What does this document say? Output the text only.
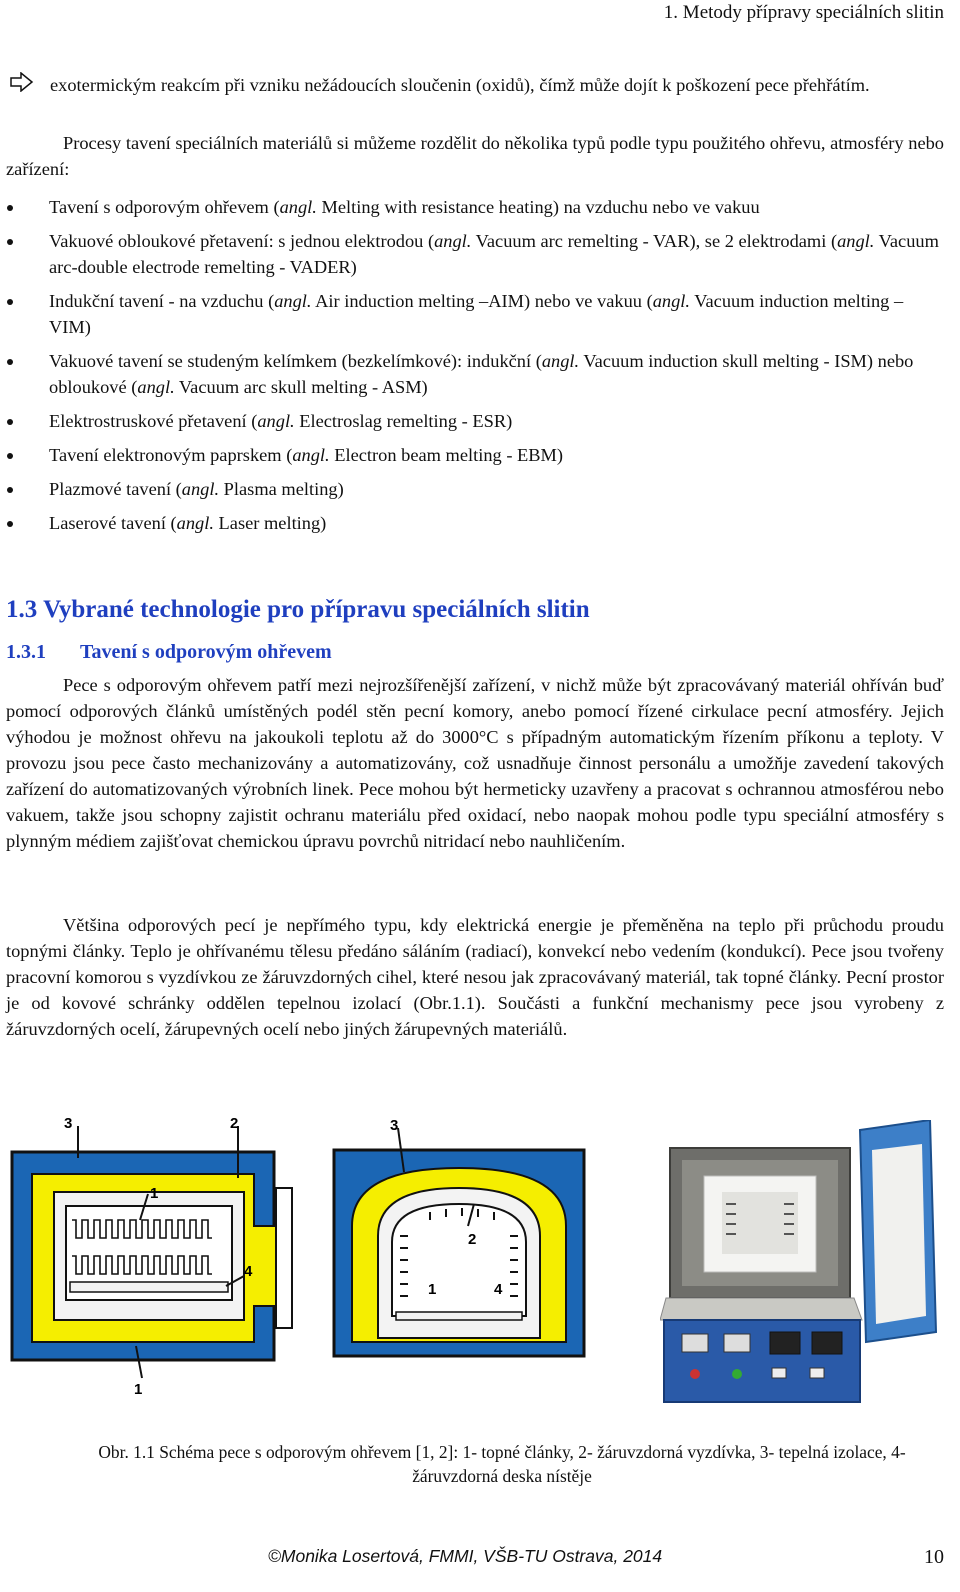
1. Metody přípravy speciálních slitin
exotermickým reakcím při vzniku nežádoucích sloučenin (oxidů), čímž může dojít k poškození pece přehřátím.
Procesy tavení speciálních materiálů si můžeme rozdělit do několika typů podle typu použitého ohřevu, atmosféry nebo zařízení:
Tavení s odporovým ohřevem (angl. Melting with resistance heating) na vzduchu nebo ve vakuu
Vakuové obloukové přetavení: s jednou elektrodou (angl. Vacuum arc remelting - VAR), se 2 elektrodami (angl. Vacuum arc-double electrode remelting - VADER)
Indukční tavení - na vzduchu (angl. Air induction melting –AIM) nebo ve vakuu (angl. Vacuum induction melting –VIM)
Vakuové tavení se studeným kelímkem (bezkelímkové): indukční (angl. Vacuum induction skull melting - ISM) nebo obloukové (angl. Vacuum arc skull melting - ASM)
Elektrostruskové přetavení (angl. Electroslag remelting - ESR)
Tavení elektronovým paprskem (angl. Electron beam melting - EBM)
Plazmové tavení (angl. Plasma melting)
Laserové tavení (angl. Laser melting)
1.3 Vybrané technologie pro přípravu speciálních slitin
1.3.1 Tavení s odporovým ohřevem
Pece s odporovým ohřevem patří mezi nejrozšířenější zařízení, v nichž může být zpracovávaný materiál ohříván buď pomocí odporových článků umístěných podél stěn pecní komory, anebo pomocí řízené cirkulace pecní atmosféry. Jejich výhodou je možnost ohřevu na jakoukoli teplotu až do 3000°C s případným automatickým řízením příkonu a teploty. V provozu jsou pece často mechanizovány a automatizovány, což usnadňuje činnost personálu a umožňje zavedení takových zařízení do automatizovaných výrobních linek. Pece mohou být hermeticky uzavřeny a pracovat s ochrannou atmosférou nebo vakuem, takže jsou schopny zajistit ochranu materiálu před oxidací, nebo naopak mohou podle typu speciální atmosféry s plynným médiem zajišťovat chemickou úpravu povrchů nitridací nebo nauhličením.
Většina odporových pecí je nepřímého typu, kdy elektrická energie je přeměněna na teplo při průchodu proudu topnými články. Teplo je ohřívanému tělesu předáno sáláním (radiací), konvekcí nebo vedením (kondukcí). Pece jsou tvořeny pracovní komorou s vyzdívkou ze žáruvzdorných cihel, které nesou jak zpracovávaný materiál, tak topné články. Pecní prostor je od kovové schránky oddělen tepelnou izolací (Obr.1.1). Součásti a funkční mechanismy pece jsou vyrobeny z žáruvzdorných ocelí, žárupevných ocelí nebo jiných žárupevných materiálů.
3	2
1
4
1
3
2
1	4
Obr. 1.1 Schéma pece s odporovým ohřevem [1, 2]: 1- topné články, 2- žáruvzdorná vyzdívka, 3- tepelná izolace, 4- žáruvzdorná deska nístěje
©Monika Losertová, FMMI, VŠB-TU Ostrava, 2014	10
